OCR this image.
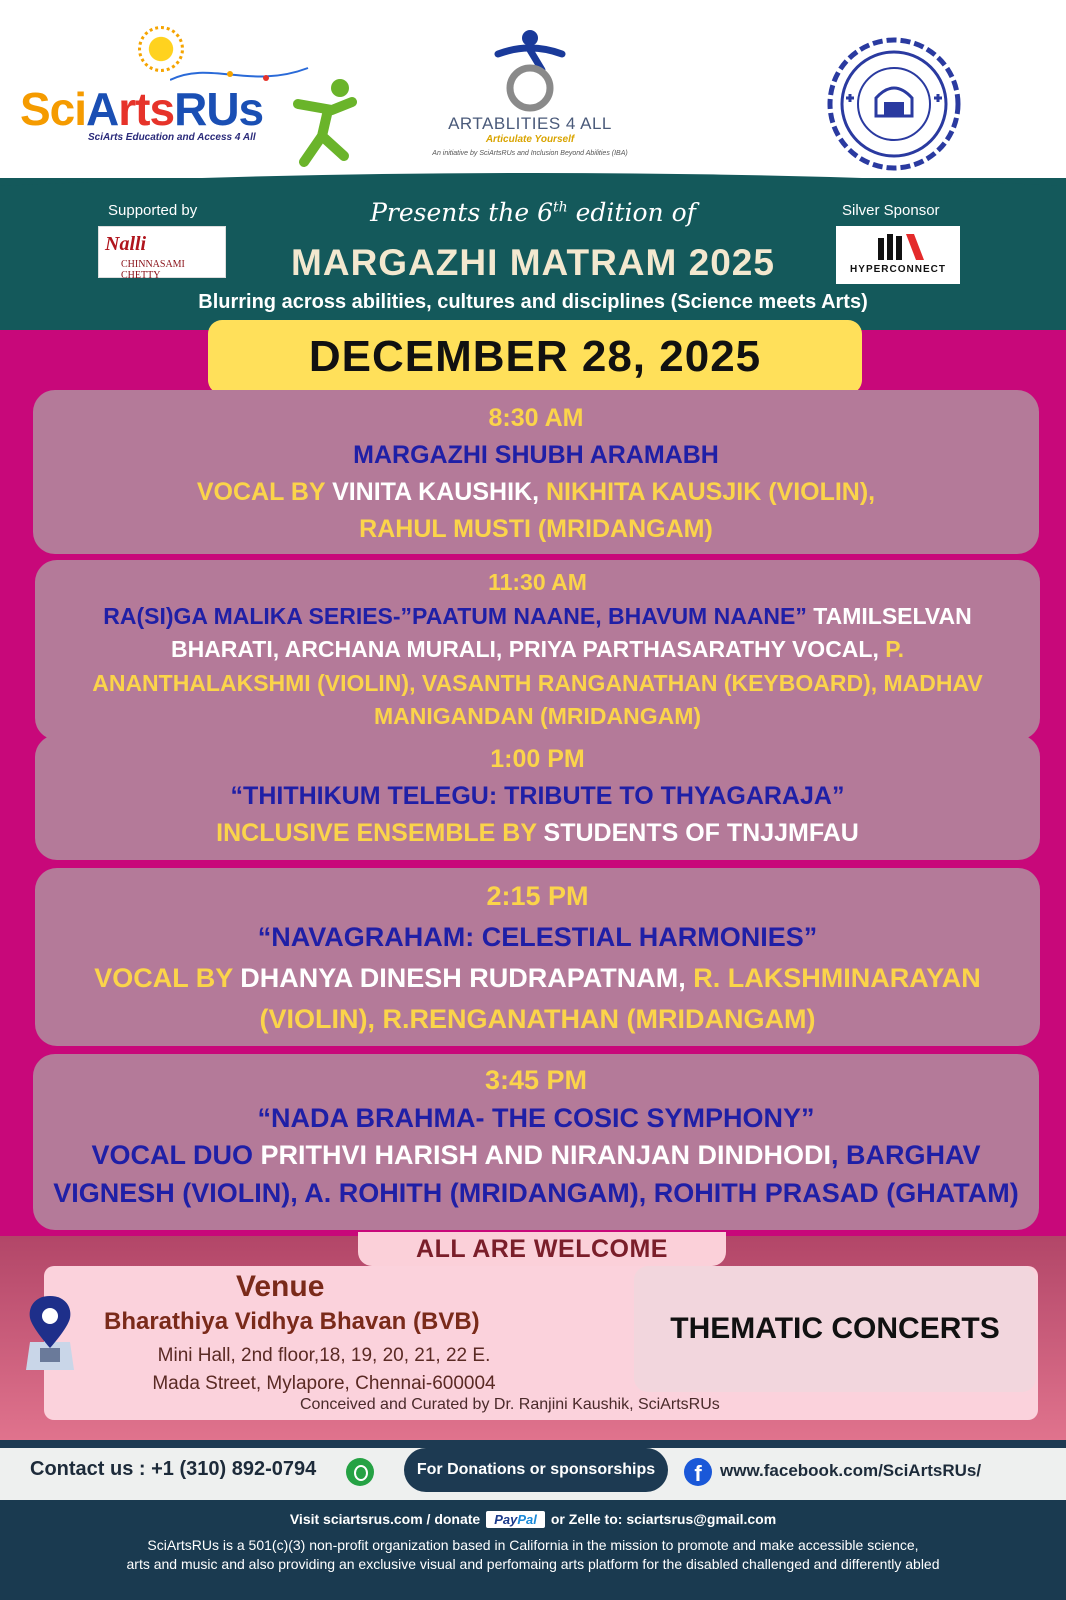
SciArtsRUs
SciArts Education and Access 4 All
ARTABLITIES 4 ALL
Articulate Yourself
An initiative by SciArtsRUs and Inclusion Beyond Abilities (IBA)
Supported by
Nalli
CHINNASAMI CHETTY
Silver Sponsor
HYPERCONNECT
Presents the 6th edition of
MARGAZHI MATRAM 2025
Blurring across abilities, cultures and disciplines (Science meets Arts)
DECEMBER 28, 2025
8:30 AM
MARGAZHI SHUBH ARAMABH
VOCAL BY VINITA KAUSHIK, NIKHITA KAUSJIK (VIOLIN),
RAHUL MUSTI (MRIDANGAM)
11:30 AM
RA(SI)GA MALIKA SERIES-”PAATUM NAANE, BHAVUM NAANE” TAMILSELVAN
BHARATI, ARCHANA MURALI, PRIYA PARTHASARATHY VOCAL, P.
ANANTHALAKSHMI (VIOLIN), VASANTH RANGANATHAN (KEYBOARD), MADHAV
MANIGANDAN (MRIDANGAM)
1:00 PM
“THITHIKUM TELEGU: TRIBUTE TO THYAGARAJA”
INCLUSIVE ENSEMBLE BY STUDENTS OF TNJJMFAU
2:15 PM
“NAVAGRAHAM: CELESTIAL HARMONIES”
VOCAL BY DHANYA DINESH RUDRAPATNAM, R. LAKSHMINARAYAN
(VIOLIN), R.RENGANATHAN (MRIDANGAM)
3:45 PM
“NADA BRAHMA- THE COSIC SYMPHONY”
VOCAL DUO PRITHVI HARISH AND NIRANJAN DINDHODI, BARGHAV
VIGNESH (VIOLIN), A. ROHITH (MRIDANGAM), ROHITH PRASAD (GHATAM)
ALL ARE WELCOME
Venue
Bharathiya Vidhya Bhavan (BVB)
Mini Hall, 2nd floor,18, 19, 20, 21, 22 E.
Mada Street, Mylapore, Chennai-600004
THEMATIC CONCERTS
Conceived and Curated by Dr. Ranjini Kaushik, SciArtsRUs
Contact us : +1 (310) 892-0794	For Donations or sponsorships	f	www.facebook.com/SciArtsRUs/
Visit sciartsrus.com / donate PayPal or Zelle to: sciartsrus@gmail.com
SciArtsRUs is a 501(c)(3) non-profit organization based in California in the mission to promote and make accessible science,
arts and music and also providing an exclusive visual and perfomaing arts platform for the disabled challenged and differently abled
